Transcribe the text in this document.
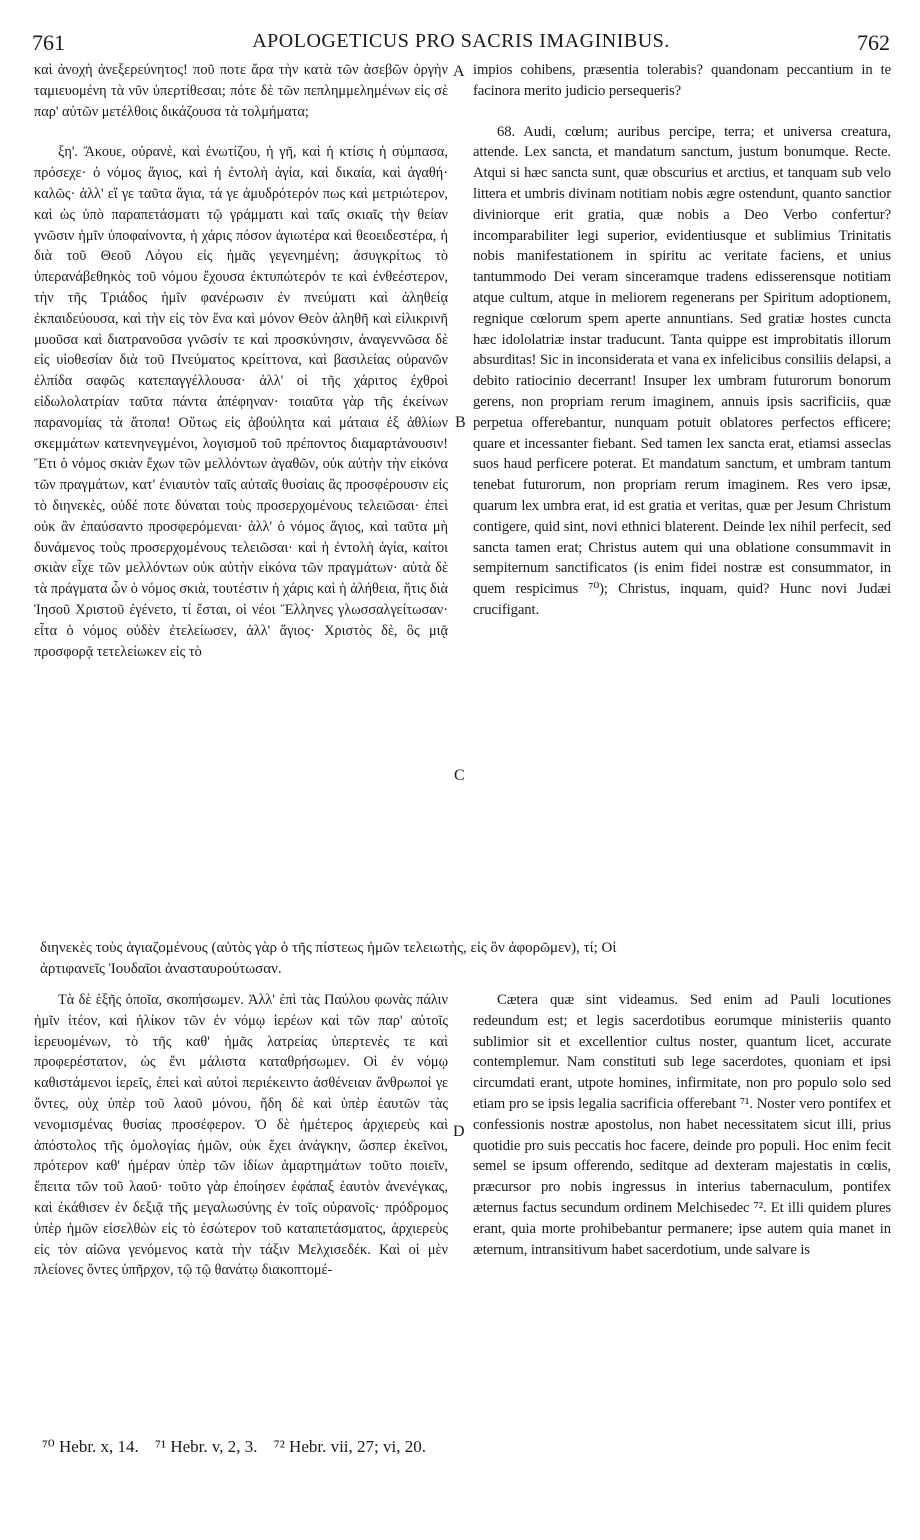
761	APOLOGETICUS PRO SACRIS IMAGINIBUS.	762

καὶ ἀνοχὴ ἀνεξερεύνητος! ποῦ ποτε ἄρα τὴν κατὰ τῶν ἀσεβῶν ὀργὴν ταμιευομένη τὰ νῦν ὑπερτίθεσαι; πότε δὲ τῶν πεπλημμελημένων εἰς σὲ παρ' αὐτῶν μετέλθοις δικάζουσα τὰ τολμήματα;

ξη'. Ἄκουε, οὐρανὲ, καὶ ἐνωτίζου, ἡ γῆ, καὶ ἡ κτίσις ἡ σύμπασα, πρόσεχε· ὁ νόμος ἅγιος, καὶ ἡ ἐντολὴ ἁγία, καὶ δικαία, καὶ ἀγαθή· καλῶς· ἀλλ' εἴ γε ταῦτα ἅγια, τά γε ἀμυδρότερόν πως καὶ μετριώτερον, καὶ ὡς ὑπὸ παραπετάσματι τῷ γράμματι καὶ ταῖς σκιαῖς τὴν θείαν γνῶσιν ἡμῖν ὑποφαίνοντα, ἡ χάρις πόσον ἁγιωτέρα καὶ θεοειδεστέρα, ἡ διὰ τοῦ Θεοῦ Λόγου εἰς ἡμᾶς γεγενημένη; ἀσυγκρίτως τὸ ὑπερανάβεθηκὸς τοῦ νόμου ἔχουσα ἐκτυπώτερόν τε καὶ ἐνθεέστερον, τὴν τῆς Τριάδος ἡμῖν φανέρωσιν ἐν πνεύματι καὶ ἀληθείᾳ ἐκπαιδεύουσα, καὶ τὴν εἰς τὸν ἕνα καὶ μόνον Θεὸν ἀληθῆ καὶ εἰλικρινῆ μυοῦσα καὶ διατρανοῦσα γνῶσίν τε καὶ προσκύνησιν, ἀναγεννῶσα δὲ εἰς υἱοθεσίαν διὰ τοῦ Πνεύματος κρείττονα, καὶ βασιλείας οὐρανῶν ἐλπίδα σαφῶς κατεπαγγέλλουσα· ἀλλ' οἱ τῆς χάριτος ἐχθροὶ εἰδωλολατρίαν ταῦτα πάντα ἀπέφηναν· τοιαῦτα γὰρ τῆς ἐκείνων παρανομίας τὰ ἄτοπα! Οὕτως εἰς ἀβούλητα καὶ μάταια ἐξ ἀθλίων σκεμμάτων κατενηνεγμένοι, λογισμοῦ τοῦ πρέποντος διαμαρτάνουσιν! Ἔτι ὁ νόμος σκιὰν ἔχων τῶν μελλόντων ἀγαθῶν, οὐκ αὐτὴν τὴν εἰκόνα τῶν πραγμάτων, κατ' ἐνιαυτὸν ταῖς αὐταῖς θυσίαις ἃς προσφέρουσιν εἰς τὸ διηνεκὲς, οὐδέ ποτε δύναται τοὺς προσερχομένους τελειῶσαι· ἐπεὶ οὐκ ἂν ἐπαύσαντο προσφερόμεναι· ἀλλ' ὁ νόμος ἅγιος, καὶ ταῦτα μὴ δυνάμενος τοὺς προσερχομένους τελειῶσαι· καὶ ἡ ἐντολὴ ἁγία, καίτοι σκιὰν εἶχε τῶν μελλόντων οὐκ αὐτὴν εἰκόνα τῶν πραγμάτων· αὐτὰ δὲ τὰ πράγματα ὧν ὁ νόμος σκιὰ, τουτέστιν ἡ χάρις καὶ ἡ ἀλήθεια, ἥτις διὰ Ἰησοῦ Χριστοῦ ἐγένετο, τί ἔσται, οἱ νέοι Ἕλληνες γλωσσαλγείτωσαν· εἶτα ὁ νόμος οὐδὲν ἐτελείωσεν, ἀλλ' ἅγιος· Χριστὸς δὲ, ὃς μιᾷ προσφορᾷ τετελείωκεν εἰς τὸ

impios cohibens, præsentia tolerabis? quandonam peccantium in te facinora merito judicio persequeris?

68. Audi, cœlum; auribus percipe, terra; et universa creatura, attende. Lex sancta, et mandatum sanctum, justum bonumque. Recte. Atqui si hæc sancta sunt, quæ obscurius et arctius, et tanquam sub velo littera et umbris divinam notitiam nobis ægre ostendunt, quanto sanctior diviniorque erit gratia, quæ nobis a Deo Verbo confertur? incomparabiliter legi superior, evidentiusque et sublimius Trinitatis nobis manifestationem in spiritu ac veritate faciens, et unius tantummodo Dei veram sinceramque tradens edisserensque notitiam atque cultum, atque in meliorem regenerans per Spiritum adoptionem, regnique cœlorum spem aperte annuntians. Sed gratiæ hostes cuncta hæc idololatriæ instar traducunt. Tanta quippe est improbitatis illorum absurditas! Sic in inconsiderata et vana ex infelicibus consiliis delapsi, a debito ratiocinio decerrant! Insuper lex umbram futurorum bonorum gerens, non propriam rerum imaginem, annuis ipsis sacrificiis, quæ perpetua offerebantur, nunquam potuit oblatores perfectos efficere; quare et incessanter fiebant. Sed tamen lex sancta erat, etiamsi asseclas suos haud perficere poterat. Et mandatum sanctum, et umbram tantum tenebat futurorum, non propriam rerum imaginem. Res vero ipsæ, quarum lex umbra erat, id est gratia et veritas, quæ per Jesum Christum contigere, quid sint, novi ethnici blaterent. Deinde lex nihil perfecit, sed sancta tamen erat; Christus autem qui una oblatione consummavit in sempiternum sanctificatos (is enim fidei nostræ est consummator, in quem respicimus ⁷⁰); Christus, inquam, quid? Hunc novi Judæi crucifigant.

A
B
C
D
διηνεκὲς τοὺς ἁγιαζομένους (αὐτὸς γὰρ ὁ τῆς πίστεως ἡμῶν τελειωτὴς, εἰς ὃν ἀφορῶμεν), τί; Οἱ
ἀρτιφανεῖς Ἰουδαῖοι ἀνασταυρούτωσαν.

Τὰ δὲ ἑξῆς ὁποῖα, σκοπήσωμεν. Ἀλλ' ἐπὶ τὰς Παύλου φωνὰς πάλιν ἡμῖν ἰτέον, καὶ ἡλίκον τῶν ἐν νόμῳ ἱερέων καὶ τῶν παρ' αὐτοῖς ἱερευομένων, τὸ τῆς καθ' ἡμᾶς λατρείας ὑπερτενὲς τε καὶ προφερέστατον, ὡς ἔνι μάλιστα καταθρήσωμεν. Οἱ ἐν νόμῳ καθιστάμενοι ἱερεῖς, ἐπεὶ καὶ αὐτοὶ περιέκειντο ἀσθένειαν ἄνθρωποί γε ὄντες, οὐχ ὑπὲρ τοῦ λαοῦ μόνου, ἤδη δὲ καὶ ὑπὲρ ἑαυτῶν τὰς νενομισμένας θυσίας προσέφερον. Ὁ δὲ ἡμέτερος ἀρχιερεὺς καὶ ἀπόστολος τῆς ὁμολογίας ἡμῶν, οὐκ ἔχει ἀνάγκην, ὥσπερ ἐκεῖνοι, πρότερον καθ' ἡμέραν ὑπὲρ τῶν ἰδίων ἁμαρτημάτων τοῦτο ποιεῖν, ἔπειτα τῶν τοῦ λαοῦ· τοῦτο γὰρ ἐποίησεν ἐφάπαξ ἑαυτὸν ἀνενέγκας, καὶ ἐκάθισεν ἐν δεξιᾷ τῆς μεγαλωσύνης ἐν τοῖς οὐρανοῖς· πρόδρομος ὑπὲρ ἡμῶν εἰσελθὼν εἰς τὸ ἐσώτερον τοῦ καταπετάσματος, ἀρχιερεὺς εἰς τὸν αἰῶνα γενόμενος κατὰ τὴν τάξιν Μελχισεδέκ. Καὶ οἱ μὲν πλείονες ὄντες ὑπῆρχον, τῷ τῷ θανάτῳ διακοπτομέ-

Cætera quæ sint videamus. Sed enim ad Pauli locutiones redeundum est; et legis sacerdotibus eorumque ministeriis quanto sublimior sit et excellentior cultus noster, quantum licet, accurate contemplemur. Nam constituti sub lege sacerdotes, quoniam et ipsi circumdati erant, utpote homines, infirmitate, non pro populo solo sed etiam pro se ipsis legalia sacrificia offerebant ⁷¹. Noster vero pontifex et confessionis nostræ apostolus, non habet necessitatem sicut illi, prius quotidie pro suis peccatis hoc facere, deinde pro populi. Hoc enim fecit semel se ipsum offerendo, seditque ad dexteram majestatis in cœlis, præcursor pro nobis ingressus in interius tabernaculum, pontifex æternus factus secundum ordinem Melchisedec ⁷². Et illi quidem plures erant, quia morte prohibebantur permanere; ipse autem quia manet in æternum, intransitivum habet sacerdotium, unde salvare is

⁷⁰ Hebr. x, 14. ⁷¹ Hebr. v, 2, 3. ⁷² Hebr. vii, 27; vi, 20.
